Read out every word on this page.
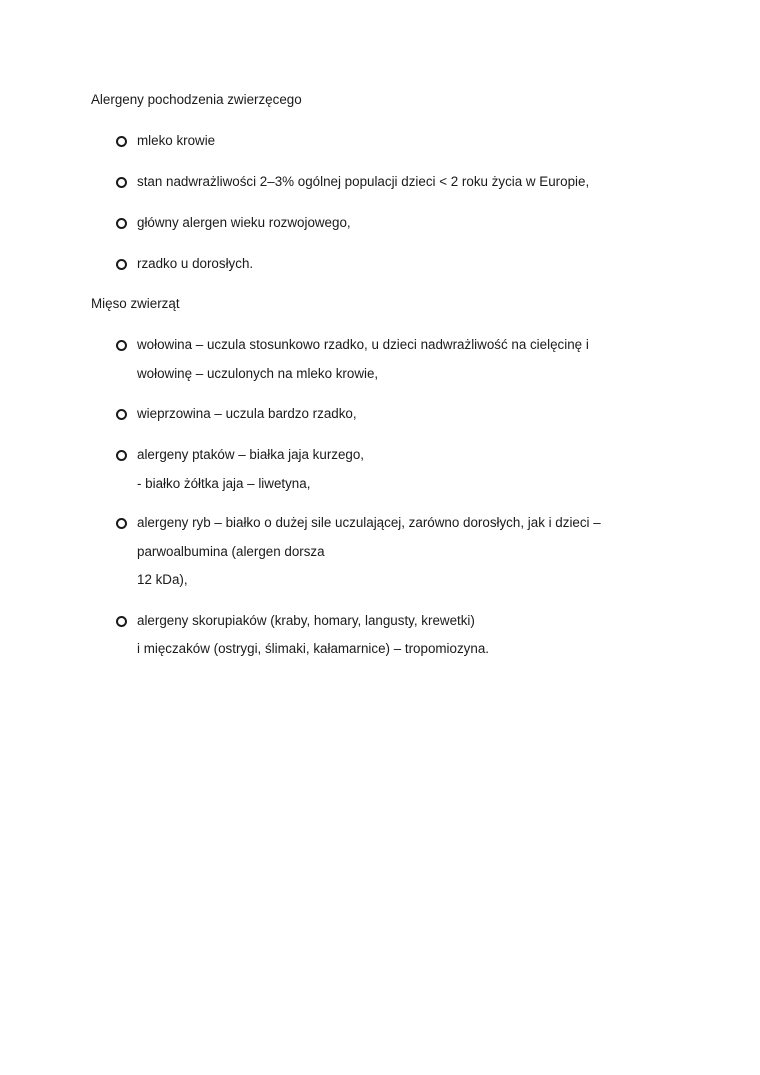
Alergeny pochodzenia zwierzęcego
mleko krowie
stan nadwrażliwości 2–3% ogólnej populacji dzieci < 2 roku życia w Europie,
główny alergen wieku rozwojowego,
rzadko u dorosłych.
Mięso zwierząt
wołowina – uczula stosunkowo rzadko, u dzieci nadwrażliwość na cielęcinę i
wołowinę – uczulonych na mleko krowie,
wieprzowina – uczula bardzo rzadko,
alergeny ptaków – białka jaja kurzego,
- białko żółtka jaja – liwetyna,
alergeny ryb – białko o dużej sile uczulającej, zarówno dorosłych, jak i dzieci –
parwoalbumina (alergen dorsza
12 kDa),
alergeny skorupiaków (kraby, homary, langusty, krewetki)
i mięczaków (ostrygi, ślimaki, kałamarnice) – tropomiozyna.
